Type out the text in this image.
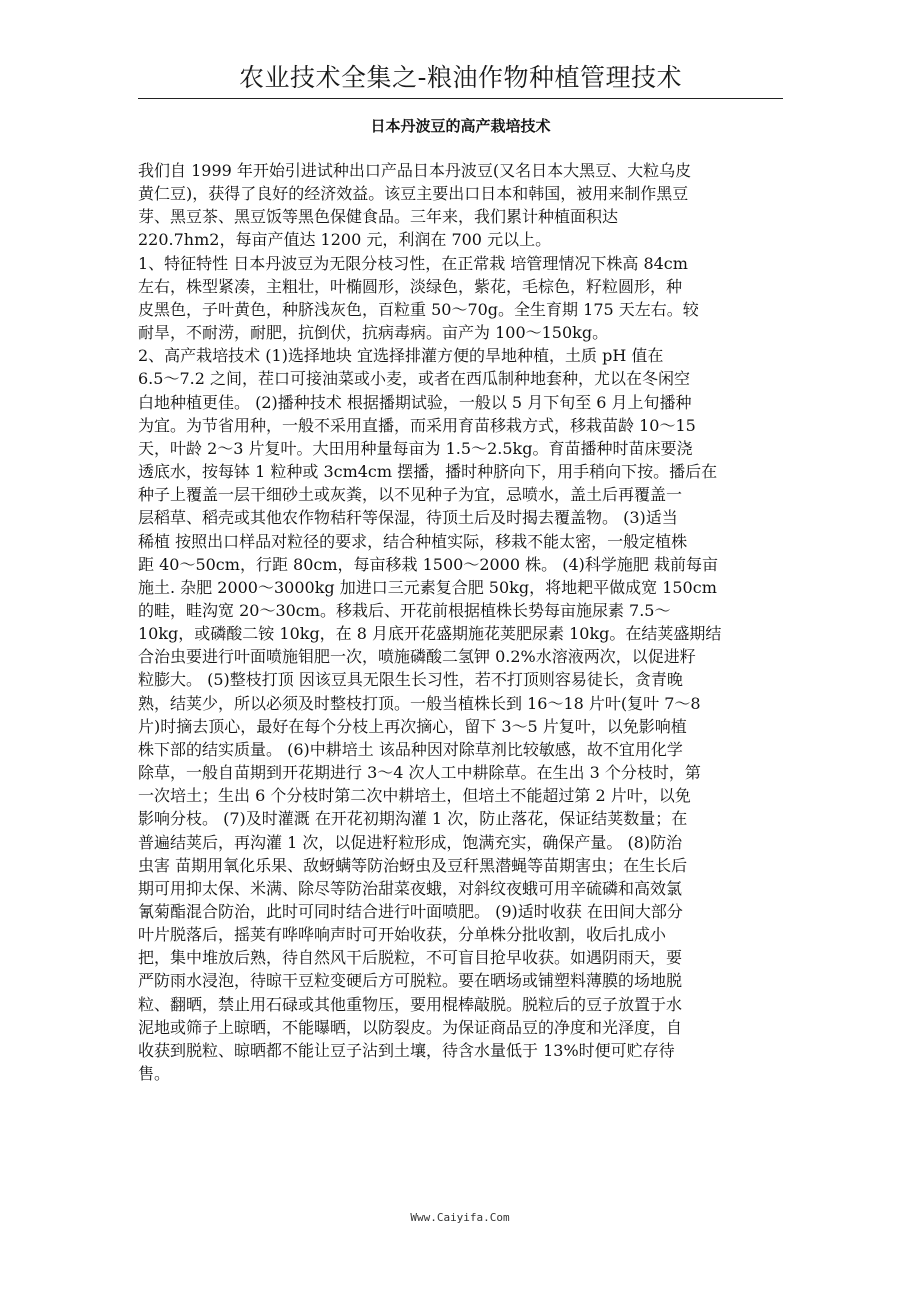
农业技术全集之-粮油作物种植管理技术
日本丹波豆的高产栽培技术

我们自 1999 年开始引进试种出口产品日本丹波豆(又名日本大黑豆、大粒乌皮

黄仁豆)，获得了良好的经济效益。该豆主要出口日本和韩国，被用来制作黑豆

芽、黑豆茶、黑豆饭等黑色保健食品。三年来，我们累计种植面积达

220.7hm2，每亩产值达 1200 元，利润在 700 元以上。

1、特征特性 日本丹波豆为无限分枝习性，在正常栽 培管理情况下株高 84cm

左右，株型紧凑，主粗壮，叶椭圆形，淡绿色，紫花，毛棕色，籽粒圆形，种

皮黑色，子叶黄色，种脐浅灰色，百粒重 50～70g。全生育期 175 天左右。较

耐旱，不耐涝，耐肥，抗倒伏，抗病毒病。亩产为 100～150kg。

2、高产栽培技术 (1)选择地块 宜选择排灌方便的旱地种植，土质 pH 值在

6.5～7.2 之间，茬口可接油菜或小麦，或者在西瓜制种地套种，尤以在冬闲空

白地种植更佳。 (2)播种技术 根据播期试验，一般以 5 月下旬至 6 月上旬播种

为宜。为节省用种，一般不采用直播，而采用育苗移栽方式，移栽苗龄 10～15

天，叶龄 2～3 片复叶。大田用种量每亩为 1.5～2.5kg。育苗播种时苗床要浇

透底水，按每钵 1 粒种或 3cm4cm 摆播，播时种脐向下，用手稍向下按。播后在

种子上覆盖一层干细砂土或灰粪，以不见种子为宜，忌喷水，盖土后再覆盖一

层稻草、稻壳或其他农作物秸秆等保湿，待顶土后及时揭去覆盖物。 (3)适当

稀植 按照出口样品对粒径的要求，结合种植实际，移栽不能太密，一般定植株

距 40～50cm，行距 80cm，每亩移栽 1500～2000 株。 (4)科学施肥 栽前每亩

施土. 杂肥 2000～3000kg 加进口三元素复合肥 50kg，将地耙平做成宽 150cm

的畦，畦沟宽 20～30cm。移栽后、开花前根据植株长势每亩施尿素 7.5～

10kg，或磷酸二铵 10kg，在 8 月底开花盛期施花荚肥尿素 10kg。在结荚盛期结

合治虫要进行叶面喷施钼肥一次，喷施磷酸二氢钾 0.2%水溶液两次，以促进籽

粒膨大。 (5)整枝打顶 因该豆具无限生长习性，若不打顶则容易徒长，贪青晚

熟，结荚少，所以必须及时整枝打顶。一般当植株长到 16～18 片叶(复叶 7～8

片)时摘去顶心，最好在每个分枝上再次摘心，留下 3～5 片复叶，以免影响植

株下部的结实质量。 (6)中耕培土 该品种因对除草剂比较敏感，故不宜用化学

除草，一般自苗期到开花期进行 3～4 次人工中耕除草。在生出 3 个分枝时，第

一次培土；生出 6 个分枝时第二次中耕培土，但培土不能超过第 2 片叶，以免

影响分枝。 (7)及时灌溉 在开花初期沟灌 1 次，防止落花，保证结荚数量；在

普遍结荚后，再沟灌 1 次，以促进籽粒形成，饱满充实，确保产量。 (8)防治

虫害 苗期用氧化乐果、敌蚜螨等防治蚜虫及豆秆黑潜蝇等苗期害虫；在生长后

期可用抑太保、米满、除尽等防治甜菜夜蛾，对斜纹夜蛾可用辛硫磷和高效氯

氰菊酯混合防治，此时可同时结合进行叶面喷肥。 (9)适时收获 在田间大部分

叶片脱落后，摇荚有哗哗响声时可开始收获，分单株分批收割，收后扎成小

把，集中堆放后熟，待自然风干后脱粒，不可盲目抢早收获。如遇阴雨天，要

严防雨水浸泡，待晾干豆粒变硬后方可脱粒。要在晒场或铺塑料薄膜的场地脱

粒、翻晒，禁止用石碌或其他重物压，要用棍棒敲脱。脱粒后的豆子放置于水

泥地或筛子上晾晒，不能曝晒，以防裂皮。为保证商品豆的净度和光泽度，自

收获到脱粒、晾晒都不能让豆子沾到土壤，待含水量低于 13%时便可贮存待

售。

Www.Caiyifa.Com
